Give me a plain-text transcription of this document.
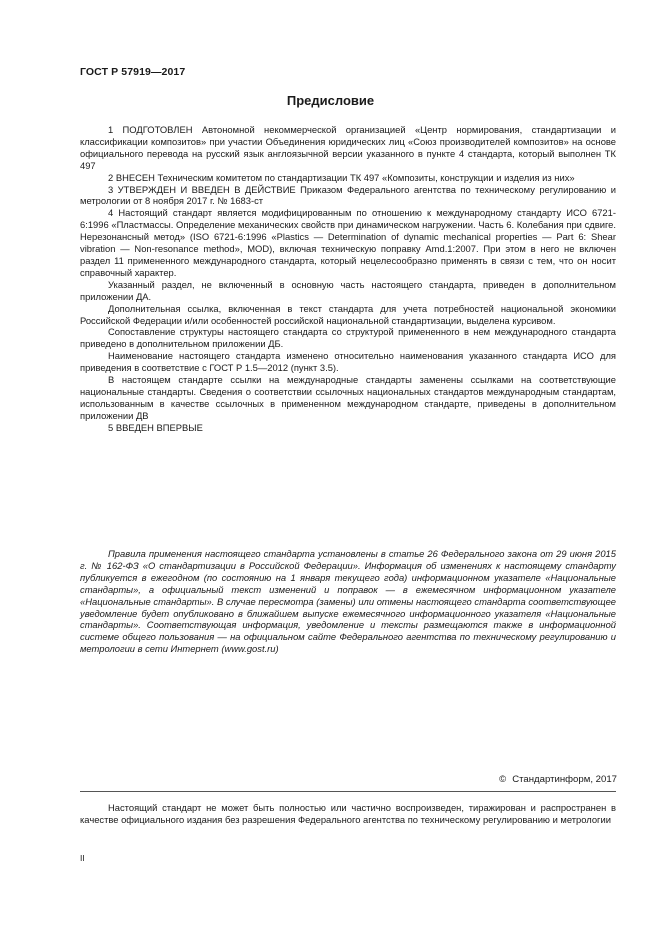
ГОСТ Р 57919—2017
Предисловие

1 ПОДГОТОВЛЕН Автономной некоммерческой организацией «Центр нормирования, стандартизации и классификации композитов» при участии Объединения юридических лиц «Союз производителей композитов» на основе официального перевода на русский язык англоязычной версии указанного в пункте 4 стандарта, который выполнен ТК 497

2 ВНЕСЕН Техническим комитетом по стандартизации ТК 497 «Композиты, конструкции и изделия из них»

3 УТВЕРЖДЕН И ВВЕДЕН В ДЕЙСТВИЕ Приказом Федерального агентства по техническому регулированию и метрологии от 8 ноября 2017 г. № 1683-ст

4 Настоящий стандарт является модифицированным по отношению к международному стандарту ИСО 6721-6:1996 «Пластмассы. Определение механических свойств при динамическом нагружении. Часть 6. Колебания при сдвиге. Нерезонансный метод» (ISO 6721-6:1996 «Plastics — Determination of dynamic mechanical properties — Part 6: Shear vibration — Non-resonance method», MOD), включая техническую поправку Amd.1:2007. При этом в него не включен раздел 11 примененного международного стандарта, который нецелесообразно применять в связи с тем, что он носит справочный характер.

Указанный раздел, не включенный в основную часть настоящего стандарта, приведен в дополнительном приложении ДА.

Дополнительная ссылка, включенная в текст стандарта для учета потребностей национальной экономики Российской Федерации и/или особенностей российской национальной стандартизации, выделена курсивом.

Сопоставление структуры настоящего стандарта со структурой примененного в нем международного стандарта приведено в дополнительном приложении ДБ.

Наименование настоящего стандарта изменено относительно наименования указанного стандарта ИСО для приведения в соответствие с ГОСТ Р 1.5—2012 (пункт 3.5).

В настоящем стандарте ссылки на международные стандарты заменены ссылками на соответствующие национальные стандарты. Сведения о соответствии ссылочных национальных стандартов международным стандартам, использованным в качестве ссылочных в примененном международном стандарте, приведены в дополнительном приложении ДВ

5 ВВЕДЕН ВПЕРВЫЕ

Правила применения настоящего стандарта установлены в статье 26 Федерального закона от 29 июня 2015 г. № 162-ФЗ «О стандартизации в Российской Федерации». Информация об изменениях к настоящему стандарту публикуется в ежегодном (по состоянию на 1 января текущего года) информационном указателе «Национальные стандарты», а официальный текст изменений и поправок — в ежемесячном информационном указателе «Национальные стандарты». В случае пересмотра (замены) или отмены настоящего стандарта соответствующее уведомление будет опубликовано в ближайшем выпуске ежемесячного информационного указателя «Национальные стандарты». Соответствующая информация, уведомление и тексты размещаются также в информационной системе общего пользования — на официальном сайте Федерального агентства по техническому регулированию и метрологии в сети Интернет (www.gost.ru)

© Стандартинформ, 2017

Настоящий стандарт не может быть полностью или частично воспроизведен, тиражирован и распространен в качестве официального издания без разрешения Федерального агентства по техническому регулированию и метрологии

II
